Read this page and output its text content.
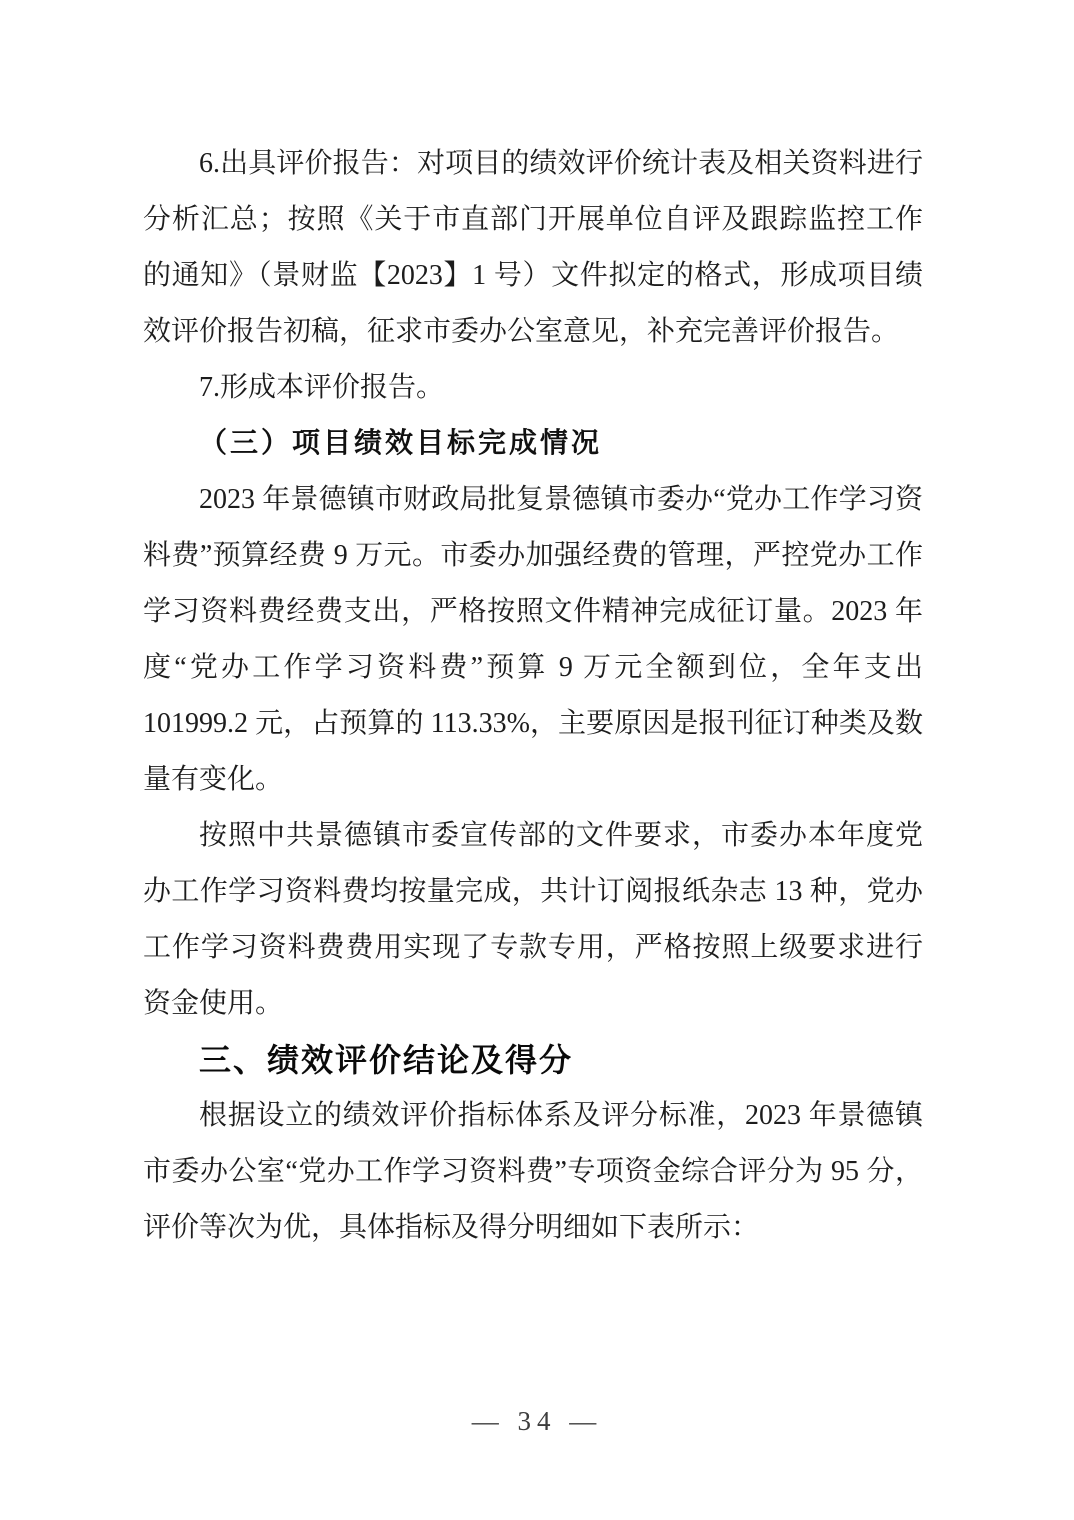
6.出具评价报告：对项目的绩效评价统计表及相关资料进行分析汇总；按照《关于市直部门开展单位自评及跟踪监控工作的通知》（景财监【2023】1 号）文件拟定的格式，形成项目绩效评价报告初稿，征求市委办公室意见，补充完善评价报告。

7.形成本评价报告。

（三）项目绩效目标完成情况

2023 年景德镇市财政局批复景德镇市委办“党办工作学习资料费”预算经费 9 万元。市委办加强经费的管理，严控党办工作学习资料费经费支出，严格按照文件精神完成征订量。2023 年度“党办工作学习资料费”预算 9 万元全额到位，全年支出 101999.2 元，占预算的 113.33%，主要原因是报刊征订种类及数量有变化。

按照中共景德镇市委宣传部的文件要求，市委办本年度党办工作学习资料费均按量完成，共计订阅报纸杂志 13 种，党办工作学习资料费费用实现了专款专用，严格按照上级要求进行资金使用。

三、绩效评价结论及得分

根据设立的绩效评价指标体系及评分标准，2023 年景德镇市委办公室“党办工作学习资料费”专项资金综合评分为 95 分，评价等次为优，具体指标及得分明细如下表所示：

— 34 —
